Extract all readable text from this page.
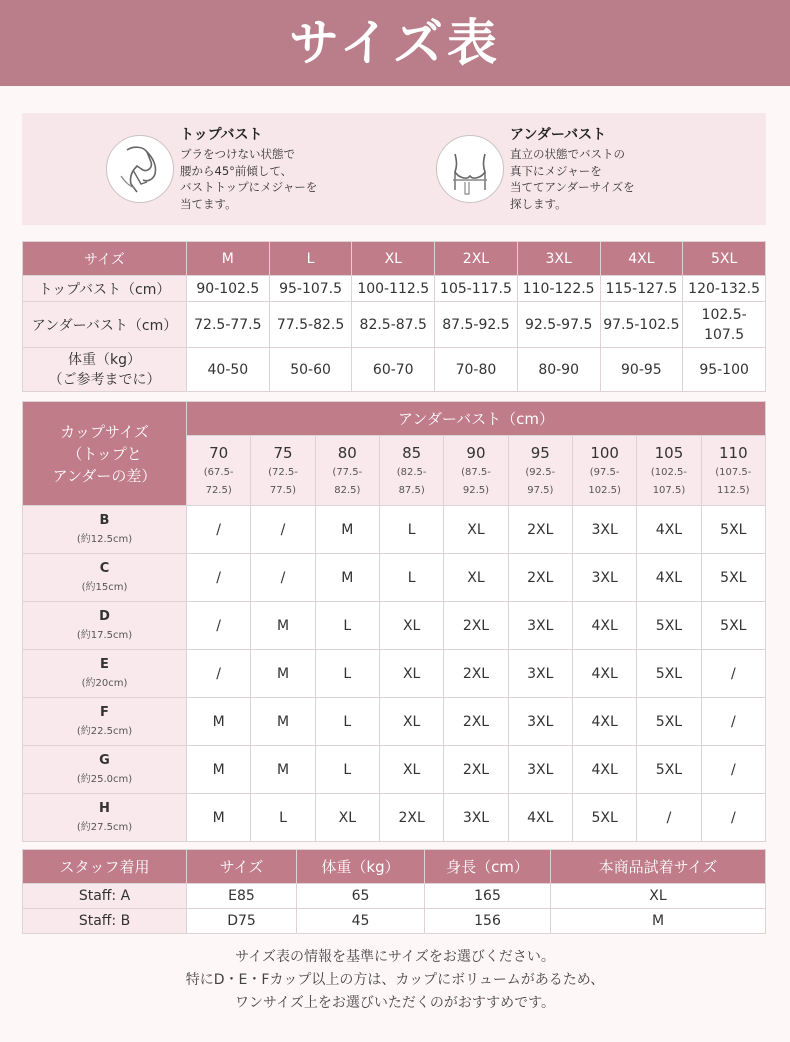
サイズ表
トップバスト
ブラをつけない状態で
腰から45°前傾して、
バストトップにメジャーを
当てます。
アンダーバスト
直立の状態でバストの
真下にメジャーを
当ててアンダーサイズを
探します。
サイズ	M	L	XL	2XL	3XL	4XL	5XL
トップバスト（cm）	90-102.5	95-107.5	100-112.5	105-117.5	110-122.5	115-127.5	120-132.5
アンダーバスト（cm）	72.5-77.5	77.5-82.5	82.5-87.5	87.5-92.5	92.5-97.5	97.5-102.5	102.5-107.5

体重（kg）
（ご参考までに）	40-50	50-60	60-70	70-80	80-90	90-95	95-100
カップサイズ
（トップと
アンダーの差）	アンダーバスト（cm）								

	70
(67.5-
72.5)	75
(72.5-
77.5)	80
(77.5-
82.5)	85
(82.5-
87.5)	90
(87.5-
92.5)	95
(92.5-
97.5)	100
(97.5-
102.5)	105
(102.5-
107.5)	110
(107.5-
112.5)

B
(約12.5cm)	/	/	M	L	XL	2XL	3XL	4XL	5XL

C
(約15cm)	/	/	M	L	XL	2XL	3XL	4XL	5XL

D
(約17.5cm)	/	M	L	XL	2XL	3XL	4XL	5XL	5XL

E
(約20cm)	/	M	L	XL	2XL	3XL	4XL	5XL	/

F
(約22.5cm)	M	M	L	XL	2XL	3XL	4XL	5XL	/

G
(約25.0cm)	M	M	L	XL	2XL	3XL	4XL	5XL	/

H
(約27.5cm)	M	L	XL	2XL	3XL	4XL	5XL	/	/
スタッフ着用	サイズ	体重（kg）	身長（cm）	本商品試着サイズ
Staff: A	E85	65	165	XL
Staff: B	D75	45	156	M
サイズ表の情報を基準にサイズをお選びください。
特にD・E・Fカップ以上の方は、カップにボリュームがあるため、
ワンサイズ上をお選びいただくのがおすすめです。
